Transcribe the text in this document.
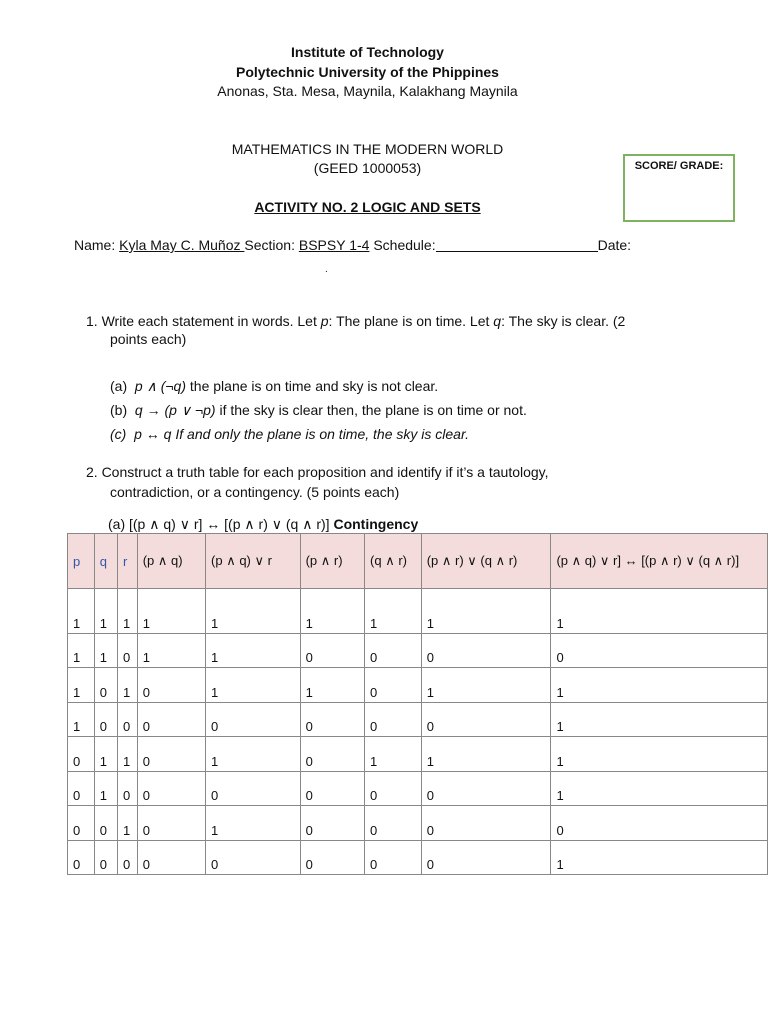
Institute of Technology
Polytechnic University of the Phippines
Anonas, Sta. Mesa, Maynila, Kalakhang Maynila
MATHEMATICS IN THE MODERN WORLD
(GEED 1000053)
ACTIVITY NO. 2 LOGIC AND SETS
SCORE/ GRADE:
Name: Kyla May C. Muñoz Section: BSPSY 1-4 Schedule:	Date:
.
1. Write each statement in words. Let p: The plane is on time. Let q: The sky is clear. (2
points each)
(a) p ∧ (¬q) the plane is on time and sky is not clear.
(b) q → (p ∨ ¬p) if the sky is clear then, the plane is on time or not.
(c) p ↔ q If and only the plane is on time, the sky is clear.
2. Construct a truth table for each proposition and identify if it’s a tautology,
contradiction, or a contingency. (5 points each)
(a) [(p ∧ q) ∨ r] ↔ [(p ∧ r) ∨ (q ∧ r)] Contingency
p	q	r	(p ∧ q)	(p ∧ q) ∨ r	(p ∧ r)	(q ∧ r)	(p ∧ r) ∨ (q ∧ r)	(p ∧ q) ∨ r] ↔ [(p ∧ r) ∨ (q ∧ r)]
1	1	1	1	1	1	1	1	1
1	1	0	1	1	0	0	0	0
1	0	1	0	1	1	0	1	1
1	0	0	0	0	0	0	0	1
0	1	1	0	1	0	1	1	1
0	1	0	0	0	0	0	0	1
0	0	1	0	1	0	0	0	0
0	0	0	0	0	0	0	0	1
